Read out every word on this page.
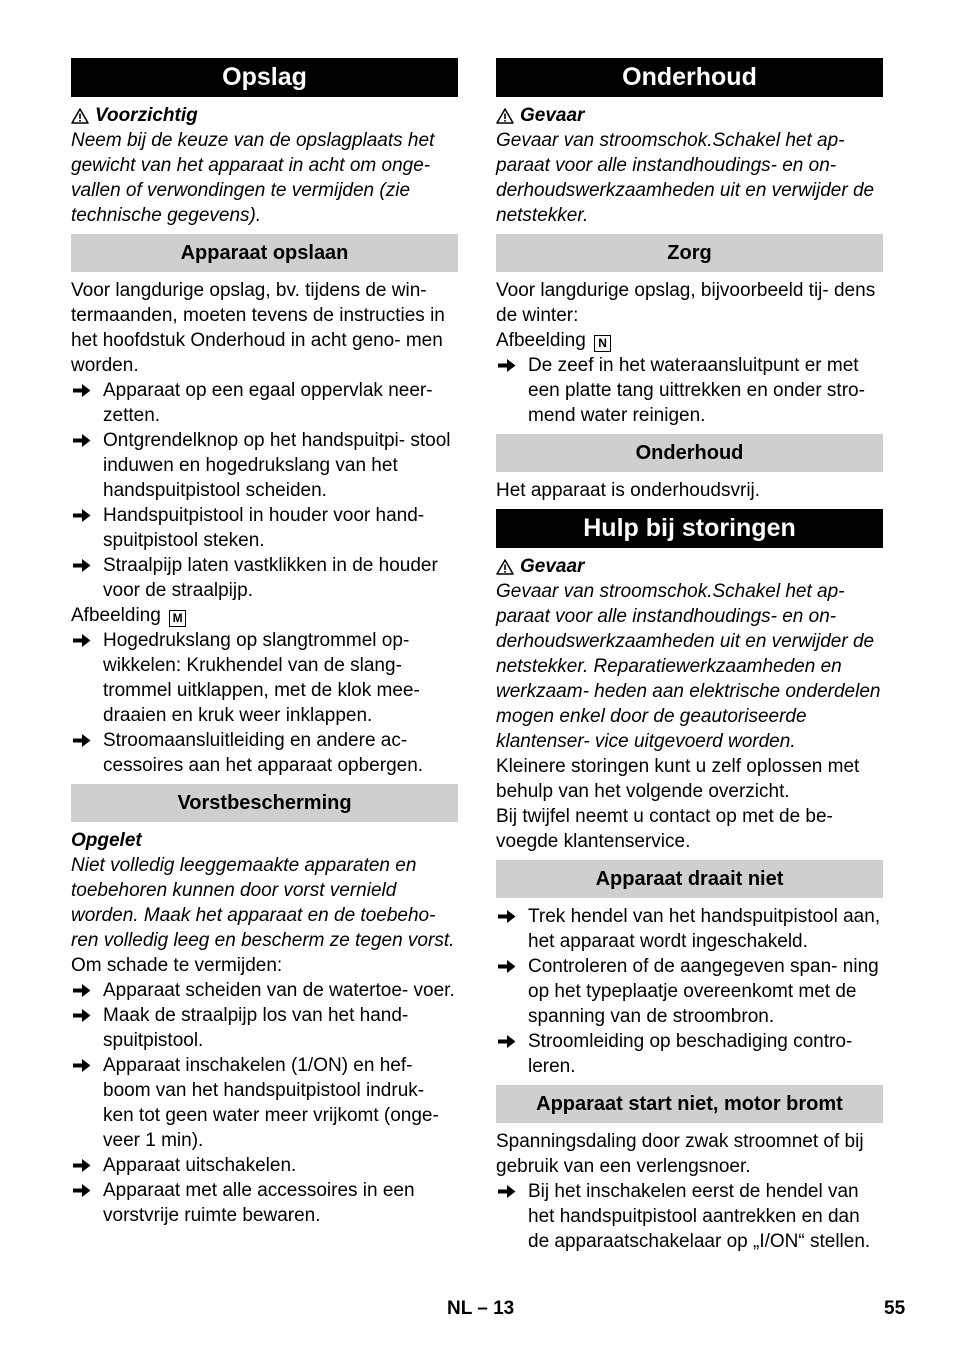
Opslag
Voorzichtig

Neem bij de keuze van de opslagplaats het gewicht van het apparaat in acht om onge- vallen of verwondingen te vermijden (zie technische gegevens).

Apparaat opslaan

Voor langdurige opslag, bv. tijdens de win- termaanden, moeten tevens de instructies in het hoofdstuk Onderhoud in acht geno- men worden.

Apparaat op een egaal oppervlak neer- zetten.
Ontgrendelknop op het handspuitpi- stool induwen en hogedrukslang van het handspuitpistool scheiden.
Handspuitpistool in houder voor hand- spuitpistool steken.
Straalpijp laten vastklikken in de houder voor de straalpijp.

Afbeelding M

Hogedrukslang op slangtrommel op- wikkelen: Krukhendel van de slang- trommel uitklappen, met de klok mee- draaien en kruk weer inklappen.
Stroomaansluitleiding en andere ac- cessoires aan het apparaat opbergen.
Vorstbescherming
Opgelet

Niet volledig leeggemaakte apparaten en toebehoren kunnen door vorst vernield worden. Maak het apparaat en de toebeho- ren volledig leeg en bescherm ze tegen vorst.

Om schade te vermijden:

Apparaat scheiden van de watertoe- voer.
Maak de straalpijp los van het hand- spuitpistool.
Apparaat inschakelen (1/ON) en hef- boom van het handspuitpistool indruk- ken tot geen water meer vrijkomt (onge- veer 1 min).
Apparaat uitschakelen.
Apparaat met alle accessoires in een vorstvrije ruimte bewaren.
Onderhoud
Gevaar

Gevaar van stroomschok.Schakel het ap- paraat voor alle instandhoudings- en on- derhoudswerkzaamheden uit en verwijder de netstekker.

Zorg

Voor langdurige opslag, bijvoorbeeld tij- dens de winter:

Afbeelding N

De zeef in het wateraansluitpunt er met een platte tang uittrekken en onder stro- mend water reinigen.
Onderhoud

Het apparaat is onderhoudsvrij.

Hulp bij storingen
Gevaar

Gevaar van stroomschok.Schakel het ap- paraat voor alle instandhoudings- en on- derhoudswerkzaamheden uit en verwijder de netstekker. Reparatiewerkzaamheden en werkzaam- heden aan elektrische onderdelen mogen enkel door de geautoriseerde klantenser- vice uitgevoerd worden.

Kleinere storingen kunt u zelf oplossen met behulp van het volgende overzicht.

Bij twijfel neemt u contact op met de be- voegde klantenservice.

Apparaat draait niet
Trek hendel van het handspuitpistool aan, het apparaat wordt ingeschakeld.
Controleren of de aangegeven span- ning op het typeplaatje overeenkomt met de spanning van de stroombron.
Stroomleiding op beschadiging contro- leren.
Apparaat start niet, motor bromt

Spanningsdaling door zwak stroomnet of bij gebruik van een verlengsnoer.

Bij het inschakelen eerst de hendel van het handspuitpistool aantrekken en dan de apparaatschakelaar op „I/ON“ stellen.
NL – 13	55
